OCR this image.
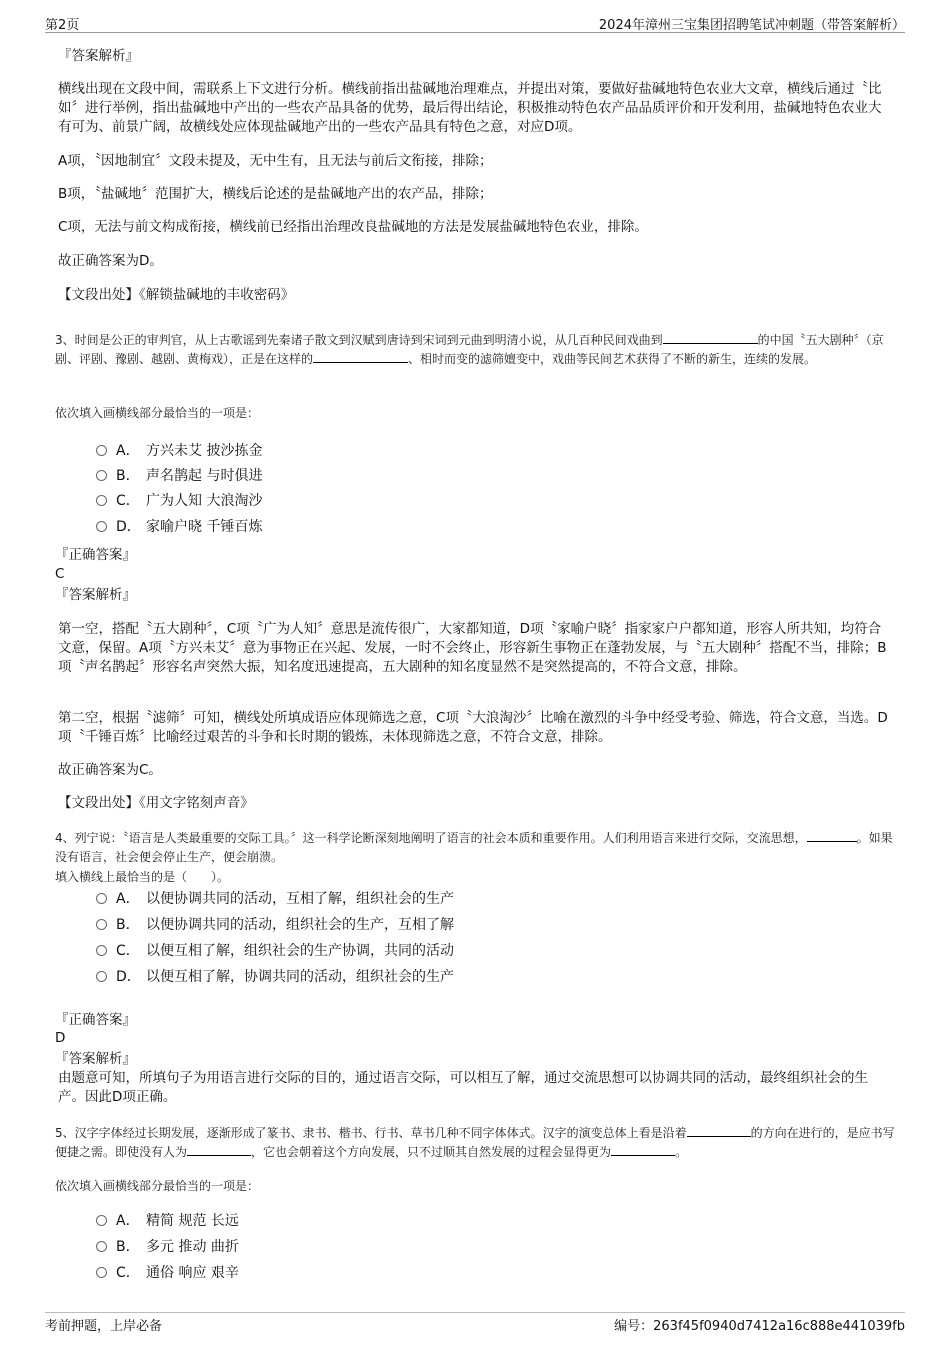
第2页	2024年漳州三宝集团招聘笔试冲刺题（带答案解析）
『答案解析』
横线出现在文段中间，需联系上下文进行分析。横线前指出盐碱地治理难点，并提出对策，要做好盐碱地特色农业大文章，横线后通过〝比如〞进行举例，指出盐碱地中产出的一些农产品具备的优势，最后得出结论，积极推动特色农产品品质评价和开发利用，盐碱地特色农业大有可为、前景广阔，故横线处应体现盐碱地产出的一些农产品具有特色之意，对应D项。
A项，〝因地制宜〞文段未提及，无中生有，且无法与前后文衔接，排除；
B项，〝盐碱地〞范围扩大，横线后论述的是盐碱地产出的农产品，排除；
C项，无法与前文构成衔接，横线前已经指出治理改良盐碱地的方法是发展盐碱地特色农业，排除。
故正确答案为D。
【文段出处】《解锁盐碱地的丰收密码》
3、时间是公正的审判官，从上古歌谣到先秦诸子散文到汉赋到唐诗到宋词到元曲到明清小说，从几百种民间戏曲到	的中国〝五大剧种〞（京剧、评剧、豫剧、越剧、黄梅戏），正是在这样的	、相时而变的滤筛嬗变中，戏曲等民间艺术获得了不断的新生，连续的发展。
依次填入画横线部分最恰当的一项是：
A． 方兴未艾 披沙拣金
B． 声名鹊起 与时俱进
C． 广为人知 大浪淘沙
D． 家喻户晓 千锤百炼
『正确答案』
C
『答案解析』
第一空，搭配〝五大剧种〞，C项〝广为人知〞意思是流传很广，大家都知道，D项〝家喻户晓〞指家家户户都知道，形容人所共知，均符合文意，保留。A项〝方兴未艾〞意为事物正在兴起、发展，一时不会终止，形容新生事物正在蓬勃发展，与〝五大剧种〞搭配不当，排除；B项〝声名鹊起〞形容名声突然大振，知名度迅速提高，五大剧种的知名度显然不是突然提高的，不符合文意，排除。
第二空，根据〝滤筛〞可知，横线处所填成语应体现筛选之意，C项〝大浪淘沙〞比喻在激烈的斗争中经受考验、筛选，符合文意，当选。D项〝千锤百炼〞比喻经过艰苦的斗争和长时期的锻炼，未体现筛选之意，不符合文意，排除。
故正确答案为C。
【文段出处】《用文字铭刻声音》
4、列宁说：〝语言是人类最重要的交际工具。〞这一科学论断深刻地阐明了语言的社会本质和重要作用。人们利用语言来进行交际，交流思想，	。如果没有语言，社会便会停止生产，便会崩溃。
填入横线上最恰当的是（　　）。
A． 以便协调共同的活动，互相了解，组织社会的生产
B． 以便协调共同的活动，组织社会的生产，互相了解
C． 以便互相了解，组织社会的生产协调，共同的活动
D． 以便互相了解，协调共同的活动，组织社会的生产
『正确答案』
D
『答案解析』
由题意可知，所填句子为用语言进行交际的目的，通过语言交际，可以相互了解，通过交流思想可以协调共同的活动，最终组织社会的生产。因此D项正确。
5、汉字字体经过长期发展，逐渐形成了篆书、隶书、楷书、行书、草书几种不同字体体式。汉字的演变总体上看是沿着	的方向在进行的，是应书写便捷之需。即使没有人为	，它也会朝着这个方向发展，只不过顺其自然发展的过程会显得更为	。
依次填入画横线部分最恰当的一项是：
A． 精简 规范 长远
B． 多元 推动 曲折
C． 通俗 响应 艰辛
考前押题，上岸必备	编号：263f45f0940d7412a16c888e441039fb
